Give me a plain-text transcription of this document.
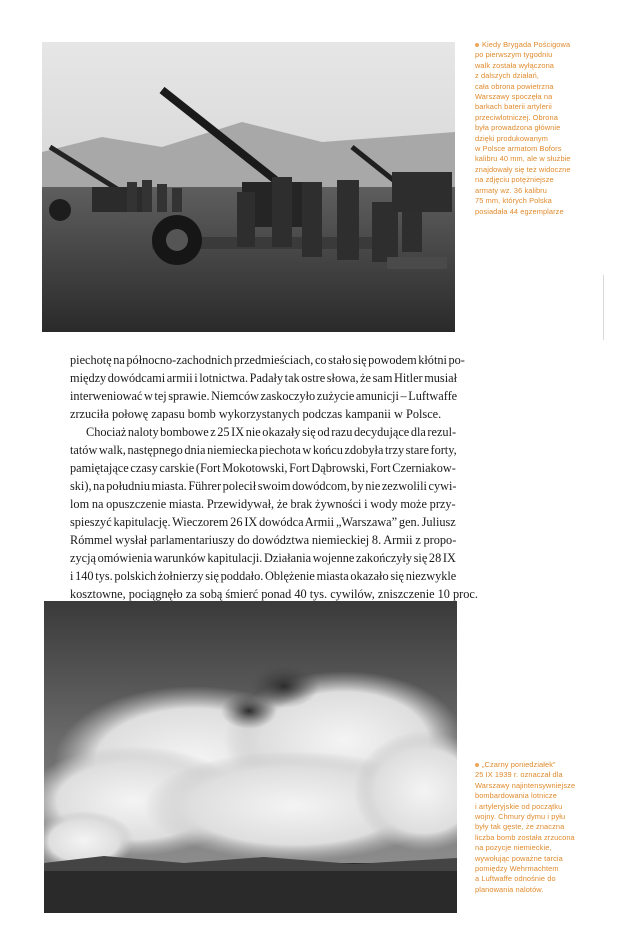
Kiedy Brygada Pościgowa
po pierwszym tygodniu
walk została wyłączona
z dalszych działań,
cała obrona powietrzna
Warszawy spoczęła na
barkach baterii artylerii
przeciwlotniczej. Obrona
była prowadzona głównie
dzięki produkowanym
w Polsce armatom Bofors
kalibru 40 mm, ale w służbie
znajdowały się też widoczne
na zdjęciu potężniejsze
armaty wz. 36 kalibru
75 mm, których Polska
posiadała 44 egzemplarze
piechotę na północno-zachodnich przedmieściach, co stało się powodem kłótni po-
między dowódcami armii i lotnictwa. Padały tak ostre słowa, że sam Hitler musiał
interweniować w tej sprawie. Niemców zaskoczyło zużycie amunicji – Luftwaffe
zrzuciła połowę zapasu bomb wykorzystanych podczas kampanii w Polsce.
Chociaż naloty bombowe z 25 IX nie okazały się od razu decydujące dla rezul-
tatów walk, następnego dnia niemiecka piechota w końcu zdobyła trzy stare forty,
pamiętające czasy carskie (Fort Mokotowski, Fort Dąbrowski, Fort Czerniakow-
ski), na południu miasta. Führer polecił swoim dowódcom, by nie zezwolili cywi-
lom na opuszczenie miasta. Przewidywał, że brak żywności i wody może przy-
spieszyć kapitulację. Wieczorem 26 IX dowódca Armii „Warszawa” gen. Juliusz
Rómmel wysłał parlamentariuszy do dowództwa niemieckiej 8. Armii z propo-
zycją omówienia warunków kapitulacji. Działania wojenne zakończyły się 28 IX
i 140 tys. polskich żołnierzy się poddało. Oblężenie miasta okazało się niezwykle
kosztowne, pociągnęło za sobą śmierć ponad 40 tys. cywilów, zniszczenie 10 proc.
„Czarny poniedziałek”
25 IX 1939 r. oznaczał dla
Warszawy najintensywniejsze
bombardowania lotnicze
i artyleryjskie od początku
wojny. Chmury dymu i pyłu
były tak gęste, że znaczna
liczba bomb została zrzucona
na pozycje niemieckie,
wywołując poważne tarcia
pomiędzy Wehrmachtem
a Luftwaffe odnośnie do
planowania nalotów.
